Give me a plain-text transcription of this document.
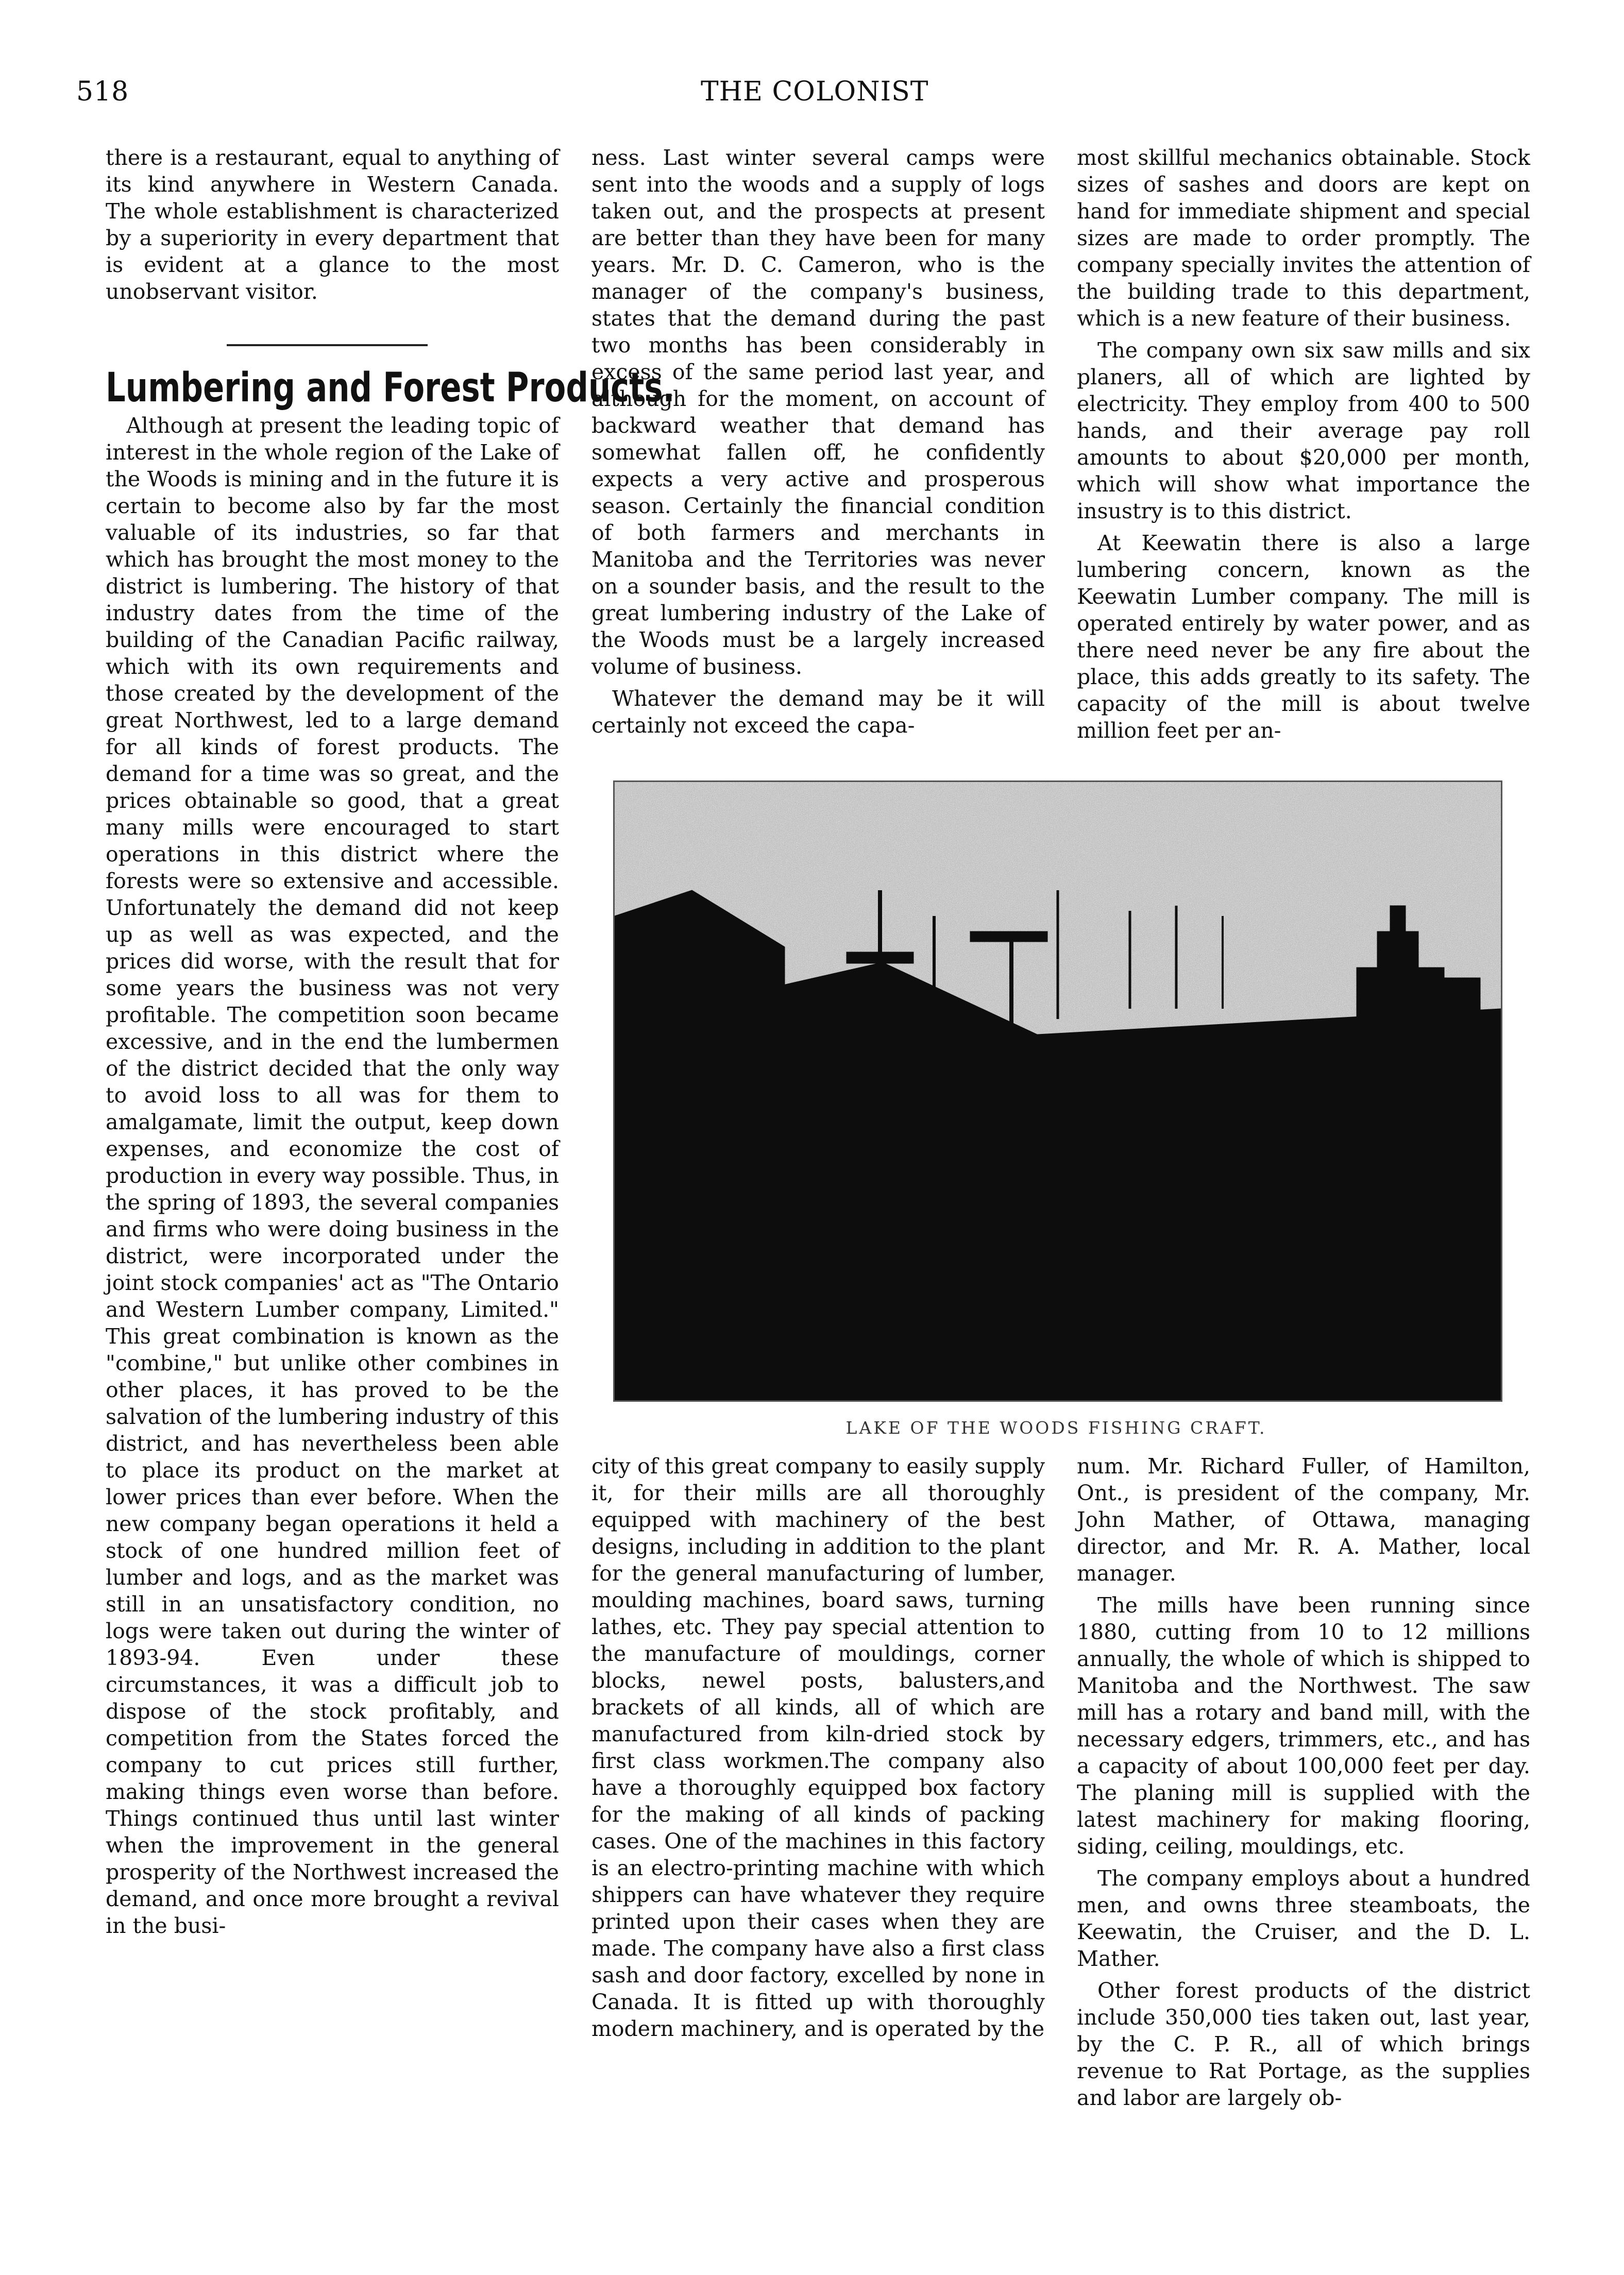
518	THE COLONIST

there is a restaurant, equal to anything of its kind anywhere in Western Canada. The whole establishment is characterized by a superiority in every department that is evident at a glance to the most unobservant visitor.

Lumbering and Forest Products.

Although at present the leading topic of interest in the whole region of the Lake of the Woods is mining and in the future it is certain to become also by far the most valuable of its industries, so far that which has brought the most money to the district is lumbering. The history of that industry dates from the time of the building of the Canadian Pacific railway, which with its own requirements and those created by the development of the great Northwest, led to a large demand for all kinds of forest products. The demand for a time was so great, and the prices obtainable so good, that a great many mills were encouraged to start operations in this district where the forests were so extensive and accessible. Unfortunately the demand did not keep up as well as was expected, and the prices did worse, with the result that for some years the business was not very profitable. The competition soon became excessive, and in the end the lumbermen of the district decided that the only way to avoid loss to all was for them to amalgamate, limit the output, keep down expenses, and economize the cost of production in every way possible. Thus, in the spring of 1893, the several companies and firms who were doing business in the district, were incorporated under the joint stock companies' act as "The Ontario and Western Lumber company, Limited." This great combination is known as the "combine," but unlike other combines in other places, it has proved to be the salvation of the lumbering industry of this district, and has nevertheless been able to place its product on the market at lower prices than ever before. When the new company began operations it held a stock of one hundred million feet of lumber and logs, and as the market was still in an unsatisfactory condition, no logs were taken out during the winter of 1893-94. Even under these circumstances, it was a difficult job to dispose of the stock profitably, and competition from the States forced the company to cut prices still further, making things even worse than before. Things continued thus until last winter when the improvement in the general prosperity of the Northwest increased the demand, and once more brought a revival in the busi-

ness. Last winter several camps were sent into the woods and a supply of logs taken out, and the prospects at present are better than they have been for many years. Mr. D. C. Cameron, who is the manager of the company's business, states that the demand during the past two months has been considerably in excess of the same period last year, and although for the moment, on account of backward weather that demand has somewhat fallen off, he confidently expects a very active and prosperous season. Certainly the financial condition of both farmers and merchants in Manitoba and the Territories was never on a sounder basis, and the result to the great lumbering industry of the Lake of the Woods must be a largely increased volume of business.

Whatever the demand may be it will certainly not exceed the capa-

most skillful mechanics obtainable. Stock sizes of sashes and doors are kept on hand for immediate shipment and special sizes are made to order promptly. The company specially invites the attention of the building trade to this department, which is a new feature of their business.

The company own six saw mills and six planers, all of which are lighted by electricity. They employ from 400 to 500 hands, and their average pay roll amounts to about $20,000 per month, which will show what importance the insustry is to this district.

At Keewatin there is also a large lumbering concern, known as the Keewatin Lumber company. The mill is operated entirely by water power, and as there need never be any fire about the place, this adds greatly to its safety. The capacity of the mill is about twelve million feet per an-

LAKE OF THE WOODS FISHING CRAFT.

city of this great company to easily supply it, for their mills are all thoroughly equipped with machinery of the best designs, including in addition to the plant for the general manufacturing of lumber, moulding machines, board saws, turning lathes, etc. They pay special attention to the manufacture of mouldings, corner blocks, newel posts, balusters,and brackets of all kinds, all of which are manufactured from kiln-dried stock by first class workmen.The company also have a thoroughly equipped box factory for the making of all kinds of packing cases. One of the machines in this factory is an electro-printing machine with which shippers can have whatever they require printed upon their cases when they are made. The company have also a first class sash and door factory, excelled by none in Canada. It is fitted up with thoroughly modern machinery, and is operated by the

num. Mr. Richard Fuller, of Hamilton, Ont., is president of the company, Mr. John Mather, of Ottawa, managing director, and Mr. R. A. Mather, local manager.

The mills have been running since 1880, cutting from 10 to 12 millions annually, the whole of which is shipped to Manitoba and the Northwest. The saw mill has a rotary and band mill, with the necessary edgers, trimmers, etc., and has a capacity of about 100,000 feet per day. The planing mill is supplied with the latest machinery for making flooring, siding, ceiling, mouldings, etc.

The company employs about a hundred men, and owns three steamboats, the Keewatin, the Cruiser, and the D. L. Mather.

Other forest products of the district include 350,000 ties taken out, last year, by the C. P. R., all of which brings revenue to Rat Portage, as the supplies and labor are largely ob-
